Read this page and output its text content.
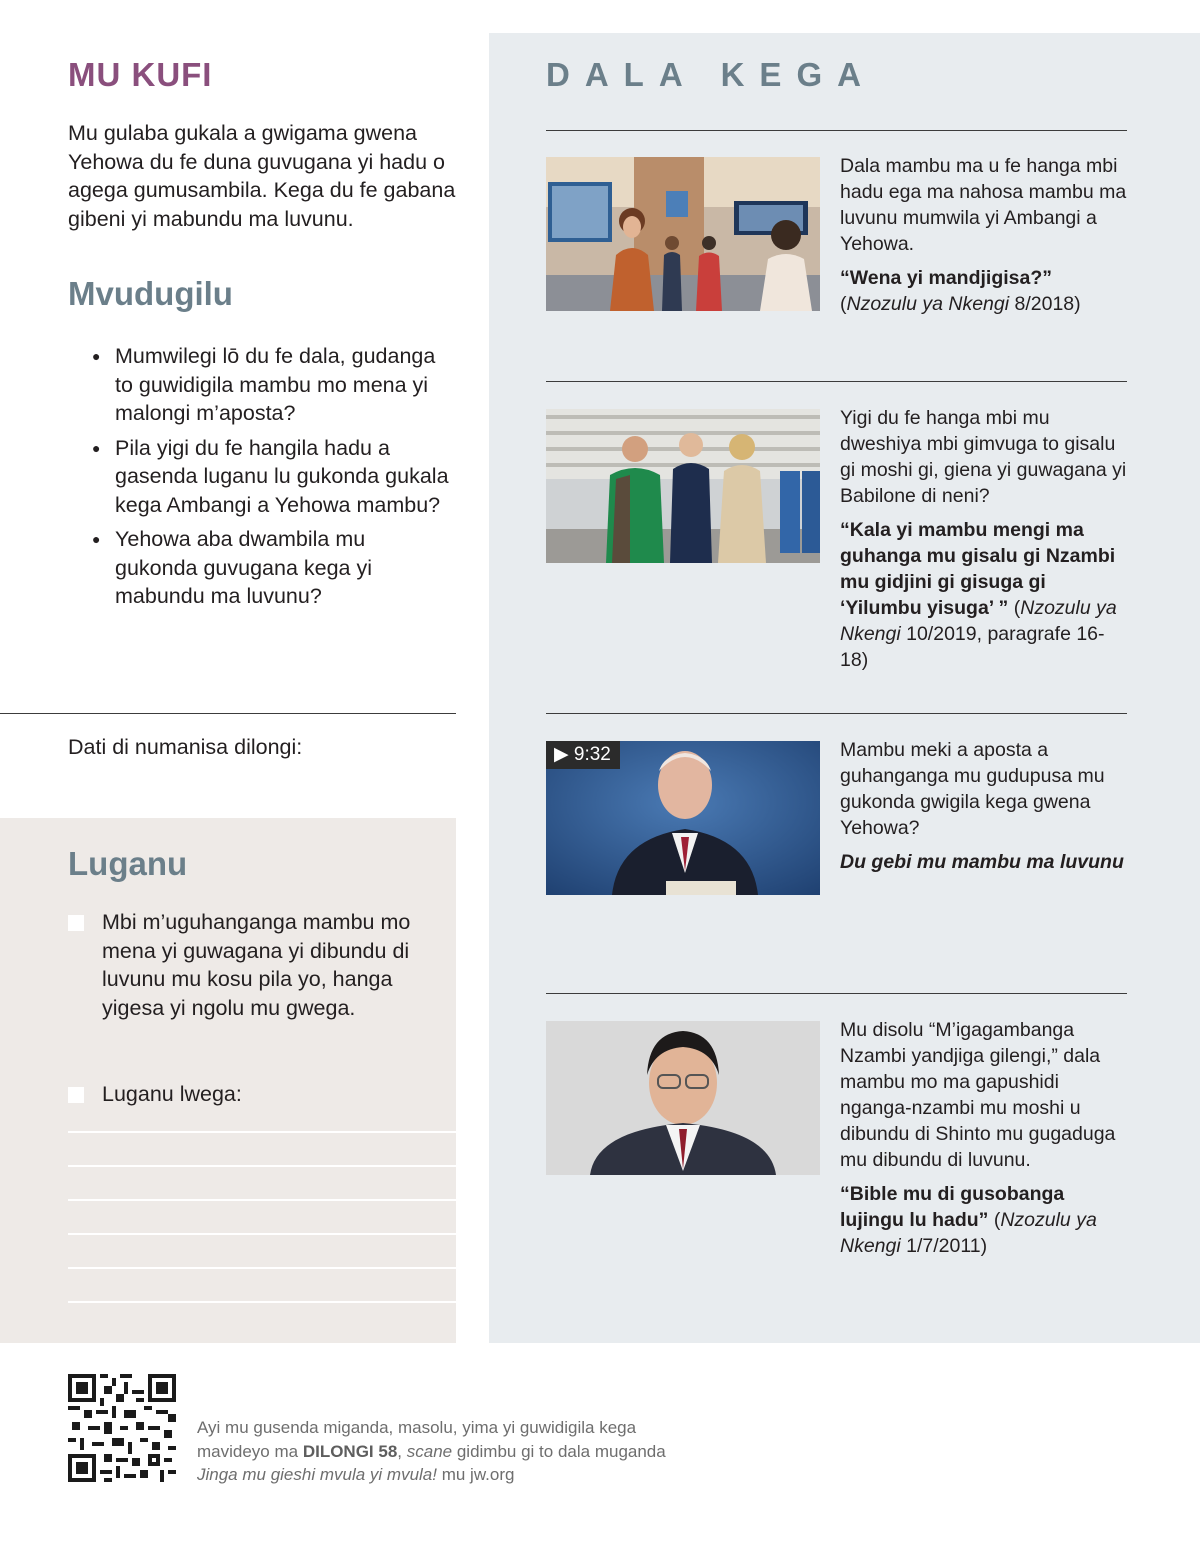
MU KUFI

Mu gulaba gukala a gwigama gwena Yehowa du fe duna guvugana yi hadu o agega gumusambila. Kega du fe gabana gibeni yi mabundu ma luvunu.

Mvudugilu
● Mumwilegi lō du fe dala, gudanga to guwidigila mambu mo mena yi malongi m’aposta?
● Pila yigi du fe hangila hadu a gasenda luganu lu gukonda gukala kega Ambangi a Yehowa mambu?
● Yehowa aba dwambila mu gukonda guvugana kega yi mabundu ma luvunu?
Dati di numanisa dilongi:
Luganu
Mbi m’uguhanganga mambu mo mena yi guwagana yi dibundu di luvunu mu kosu pila yo, hanga yigesa yi ngolu mu gwega.
Luganu lwega:
DALA KEGA

Dala mambu ma u fe hanga mbi hadu ega ma nahosa mambu ma luvunu mumwila yi Ambangi a Yehowa.

“Wena yi mandjigisa?” (Nzozulu ya Nkengi 8/2018)

Yigi du fe hanga mbi mu dweshiya mbi gimvuga to gisalu gi moshi gi, giena yi guwagana yi Babilone di neni?

“Kala yi mambu mengi ma guhanga mu gisalu gi Nzambi mu gidjini gi gisuga gi ‘Yilumbu yisuga’ ” (Nzozulu ya Nkengi 10/2019, paragrafe 16-18)

▶ 9:32	Mambu meki a aposta a guhanganga mu gudupusa mu gukonda gwigila kega gwena Yehowa?

Du gebi mu mambu ma luvunu

Mu disolu “M’igagambanga Nzambi yandjiga gilengi,” dala mambu mo ma gapushidi nganga-nzambi mu moshi u dibundu di Shinto mu gugaduga mu dibundu di luvunu.

“Bible mu di gusobanga lujingu lu hadu” (Nzozulu ya Nkengi 1/7/2011)

Ayi mu gusenda miganda, masolu, yima yi guwidigila kega mavideyo ma DILONGI 58, scane gidimbu gi to dala muganda Jinga mu gieshi mvula yi mvula! mu jw.org
